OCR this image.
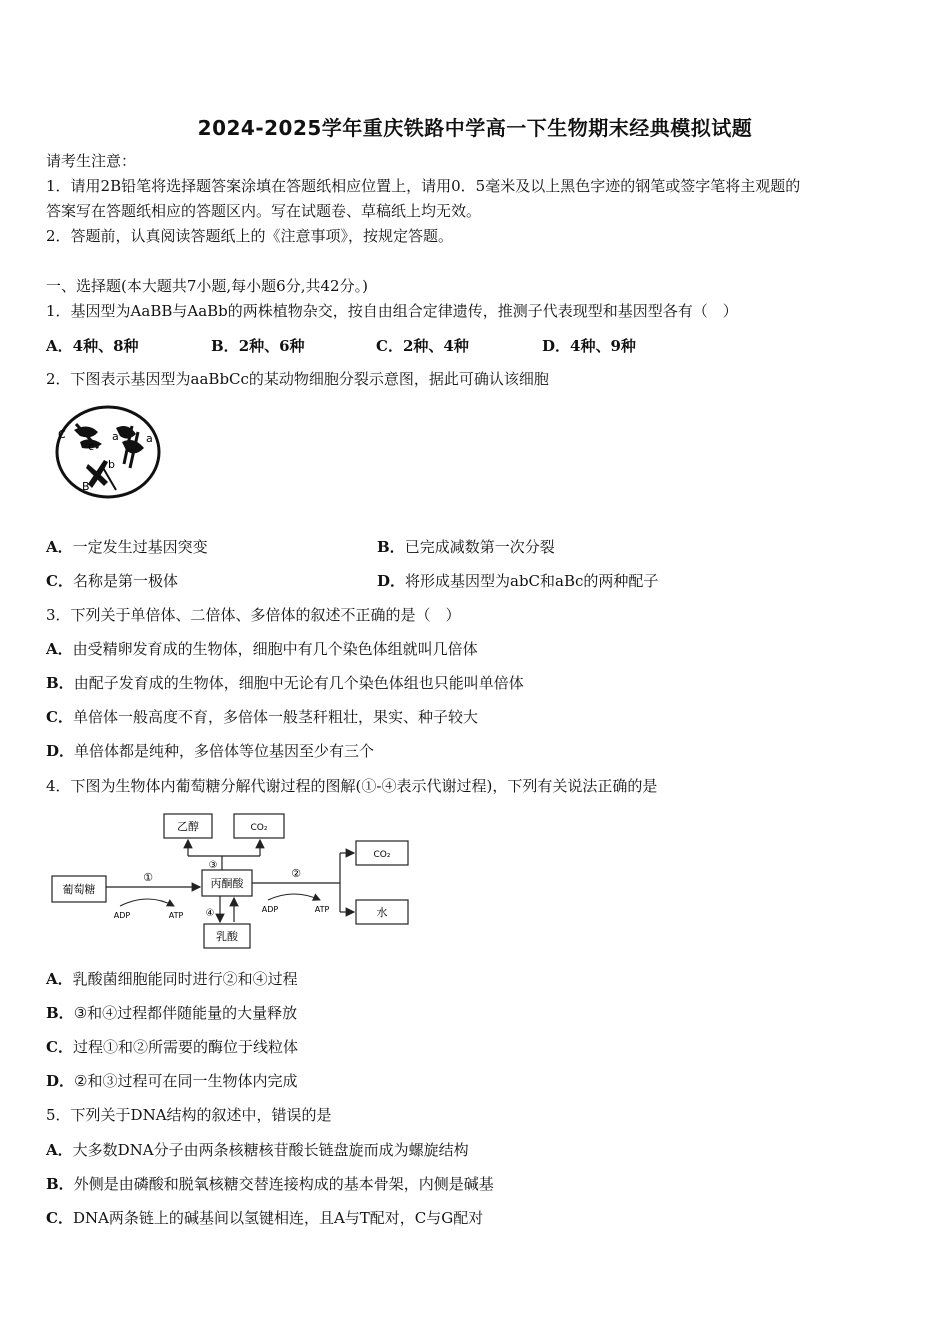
2024-2025学年重庆铁路中学高一下生物期末经典模拟试题
请考生注意：
1．请用2B铅笔将选择题答案涂填在答题纸相应位置上，请用0．5毫米及以上黑色字迹的钢笔或签字笔将主观题的
答案写在答题纸相应的答题区内。写在试题卷、草稿纸上均无效。
2．答题前，认真阅读答题纸上的《注意事项》，按规定答题。
一、选择题(本大题共7小题,每小题6分,共42分。)
1．基因型为AaBB与AaBb的两株植物杂交，按自由组合定律遗传，推测子代表现型和基因型各有（　）
A．4种、8种	B．2种、6种	C．2种、4种	D．4种、9种
2．下图表示基因型为aaBbCc的某动物细胞分裂示意图，据此可确认该细胞
C
c
a a
b
B
A．一定发生过基因突变	B．已完成减数第一次分裂
C．名称是第一极体	D．将形成基因型为abC和aBc的两种配子
3．下列关于单倍体、二倍体、多倍体的叙述不正确的是（　）
A．由受精卵发育成的生物体，细胞中有几个染色体组就叫几倍体
B．由配子发育成的生物体，细胞中无论有几个染色体组也只能叫单倍体
C．单倍体一般高度不育，多倍体一般茎秆粗壮，果实、种子较大
D．单倍体都是纯种，多倍体等位基因至少有三个
4．下图为生物体内葡萄糖分解代谢过程的图解(①-④表示代谢过程)，下列有关说法正确的是
葡萄糖	丙酮酸
乙醇	CO₂
CO₂
水
乳酸
①
ADP	ATP
③
④
②
ADP	ATP
A．乳酸菌细胞能同时进行②和④过程
B．③和④过程都伴随能量的大量释放
C．过程①和②所需要的酶位于线粒体
D．②和③过程可在同一生物体内完成
5．下列关于DNA结构的叙述中，错误的是
A．大多数DNA分子由两条核糖核苷酸长链盘旋而成为螺旋结构
B．外侧是由磷酸和脱氧核糖交替连接构成的基本骨架，内侧是碱基
C．DNA两条链上的碱基间以氢键相连，且A与T配对，C与G配对
